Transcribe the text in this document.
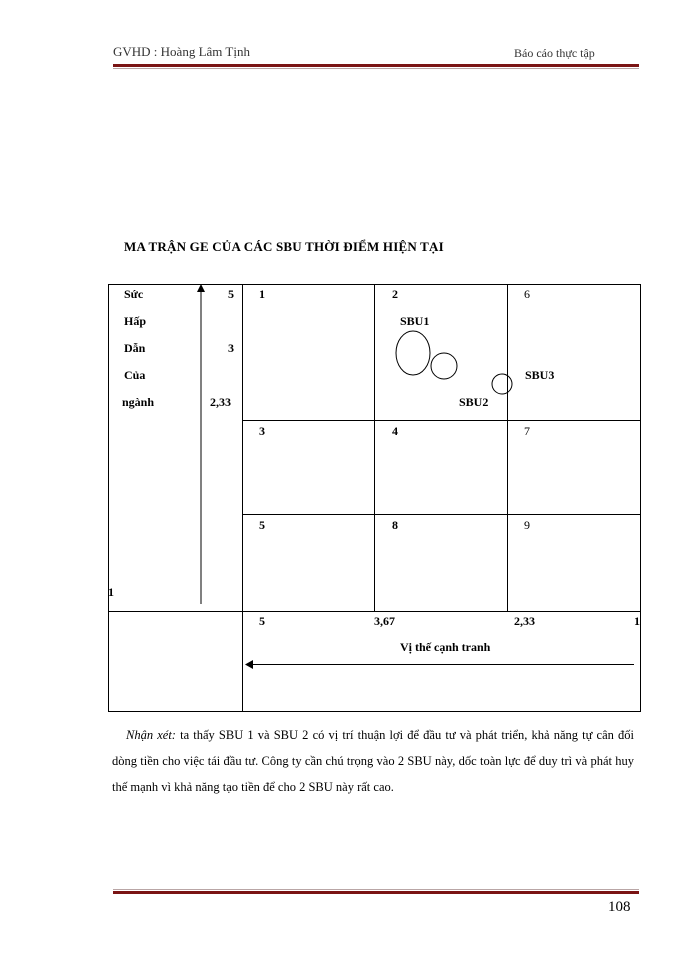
GVHD : Hoàng Lâm Tịnh	Báo cáo thực tập
MA TRẬN GE CỦA CÁC SBU THỜI ĐIỂM HIỆN TẠI
Sức
Hấp
Dẫn
Của
ngành
5
3
2,33
1
1	2	6
3	4	7
5	8	9
SBU1
SBU2
SBU3
5	3,67	2,33	1
Vị thế cạnh tranh
Nhận xét: ta thấy SBU 1 và SBU 2 có vị trí thuận lợi để đầu tư và phát triển, khả năng tự cân đối dòng tiền cho việc tái đầu tư. Công ty cần chú trọng vào 2 SBU này, dốc toàn lực để duy trì và phát huy thế mạnh vì khả năng tạo tiền để cho 2 SBU này rất cao.
108
